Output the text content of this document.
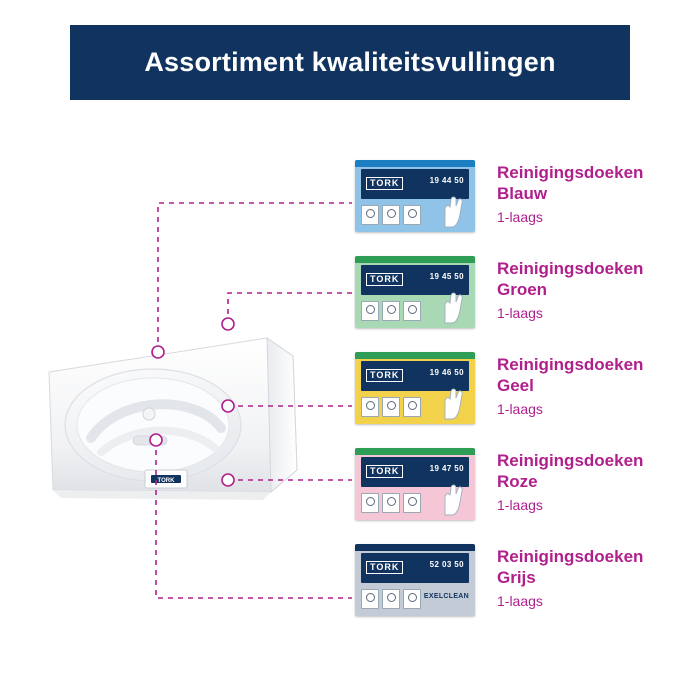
Assortiment kwaliteitsvullingen
TORK
TORK	19 44 50 Reinigingsdoeken
Blauw
1-laags
TORK	19 45 50 Reinigingsdoeken
Groen
1-laags
TORK	19 46 50 Reinigingsdoeken
Geel
1-laags
TORK	19 47 50 Reinigingsdoeken
Roze
1-laags
TORK	52 03 50
EXELCLEAN
Reinigingsdoeken
Grijs
1-laags
